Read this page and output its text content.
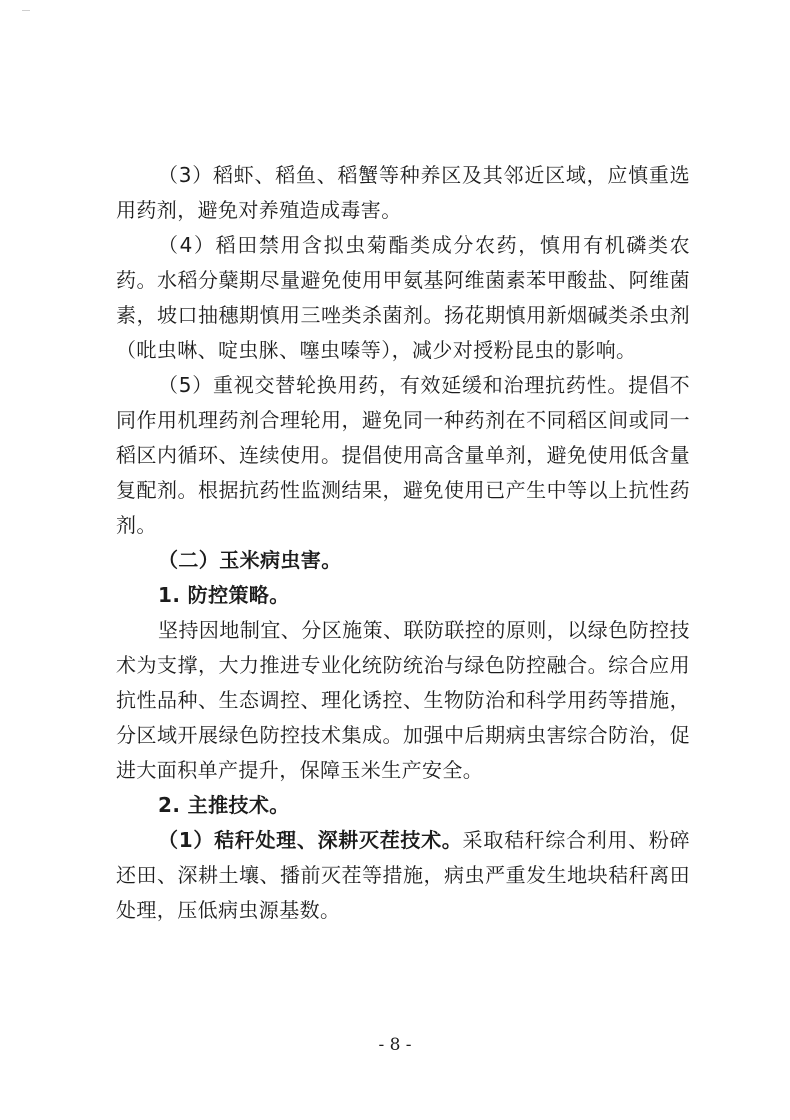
（3）稻虾、稻鱼、稻蟹等种养区及其邻近区域，应慎重选用药剂，避免对养殖造成毒害。

（4）稻田禁用含拟虫菊酯类成分农药，慎用有机磷类农药。水稻分蘖期尽量避免使用甲氨基阿维菌素苯甲酸盐、阿维菌素，坡口抽穗期慎用三唑类杀菌剂。扬花期慎用新烟碱类杀虫剂（吡虫啉、啶虫脒、噻虫嗪等），减少对授粉昆虫的影响。

（5）重视交替轮换用药，有效延缓和治理抗药性。提倡不同作用机理药剂合理轮用，避免同一种药剂在不同稻区间或同一稻区内循环、连续使用。提倡使用高含量单剂，避免使用低含量复配剂。根据抗药性监测结果，避免使用已产生中等以上抗性药剂。

（二）玉米病虫害。

1. 防控策略。

坚持因地制宜、分区施策、联防联控的原则，以绿色防控技术为支撑，大力推进专业化统防统治与绿色防控融合。综合应用抗性品种、生态调控、理化诱控、生物防治和科学用药等措施，分区域开展绿色防控技术集成。加强中后期病虫害综合防治，促进大面积单产提升，保障玉米生产安全。

2. 主推技术。

（1）秸秆处理、深耕灭茬技术。采取秸秆综合利用、粉碎还田、深耕土壤、播前灭茬等措施，病虫严重发生地块秸秆离田处理，压低病虫源基数。

- 8 -
